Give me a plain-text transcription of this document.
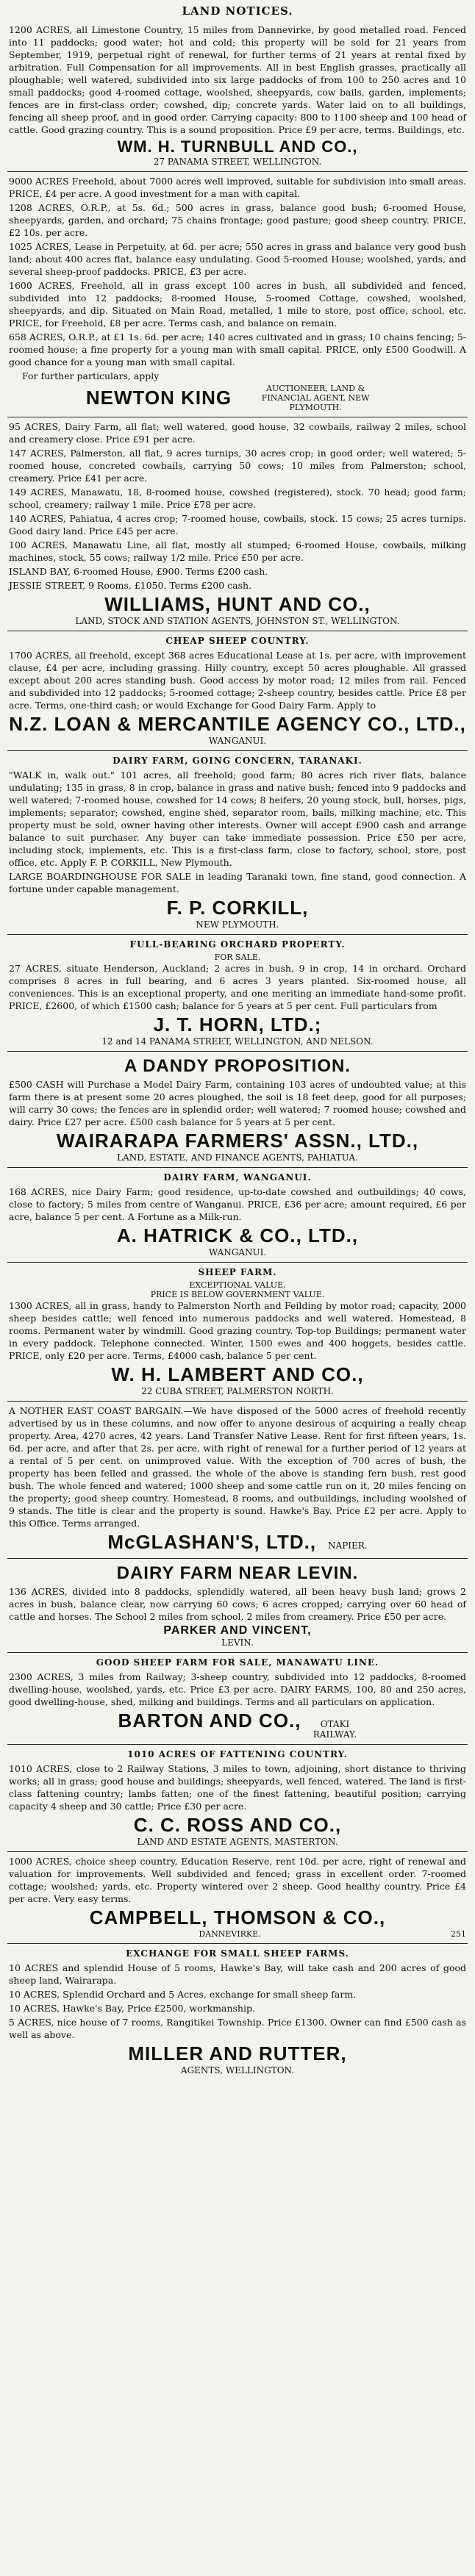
LAND NOTICES.

1200 ACRES, all Limestone Country, 15 miles from Dannevirke, by good metalled road. Fenced into 11 paddocks; good water; hot and cold; this property will be sold for 21 years from September, 1919, perpetual right of renewal, for further terms of 21 years at rental fixed by arbitration. Full Compensation for all improvements. All in best English grasses, practically all ploughable; well watered, subdivided into six large paddocks of from 100 to 250 acres and 10 small paddocks; good 4-roomed cottage, woolshed, sheepyards, cow bails, garden, implements; fences are in first-class order; cowshed, dip; concrete yards. Water laid on to all buildings, fencing all sheep proof, and in good order. Carrying capacity: 800 to 1100 sheep and 100 head of cattle. Good grazing country. This is a sound proposition. Price £9 per acre, terms. Buildings, etc.

WM. H. TURNBULL AND CO.,
27 PANAMA STREET, WELLINGTON.

9000 ACRES Freehold, about 7000 acres well improved, suitable for subdivision into small areas. PRICE, £4 per acre. A good investment for a man with capital.

1208 ACRES, O.R.P., at 5s. 6d.; 500 acres in grass, balance good bush; 6-roomed House, sheepyards, garden, and orchard; 75 chains frontage; good pasture; good sheep country. PRICE, £2 10s. per acre.

1025 ACRES, Lease in Perpetuity, at 6d. per acre; 550 acres in grass and balance very good bush land; about 400 acres flat, balance easy undulating. Good 5-roomed House; woolshed, yards, and several sheep-proof paddocks. PRICE, £3 per acre.

1600 ACRES, Freehold, all in grass except 100 acres in bush, all subdivided and fenced, subdivided into 12 paddocks; 8-roomed House, 5-roomed Cottage, cowshed, woolshed, sheepyards, and dip. Situated on Main Road, metalled, 1 mile to store, post office, school, etc. PRICE, for Freehold, £8 per acre. Terms cash, and balance on remain.

658 ACRES, O.R.P., at £1 1s. 6d. per acre; 140 acres cultivated and in grass; 10 chains fencing; 5-roomed house; a fine property for a young man with small capital. PRICE, only £500 Goodwill. A good chance for a young man with small capital.

For further particulars, apply

NEWTON KING	AUCTIONEER, LAND & FINANCIAL AGENT, NEW PLYMOUTH.

95 ACRES, Dairy Farm, all flat; well watered, good house, 32 cowbails, railway 2 miles, school and creamery close. Price £91 per acre.

147 ACRES, Palmerston, all flat, 9 acres turnips, 30 acres crop; in good order; well watered; 5-roomed house, concreted cowbails, carrying 50 cows; 10 miles from Palmerston; school, creamery. Price £41 per acre.

149 ACRES, Manawatu, 18, 8-roomed house, cowshed (registered), stock. 70 head; good farm; school, creamery; railway 1 mile. Price £78 per acre.

140 ACRES, Pahiatua, 4 acres crop; 7-roomed house, cowbails, stock. 15 cows; 25 acres turnips. Good dairy land. Price £45 per acre.

100 ACRES, Manawatu Line, all flat, mostly all stumped; 6-roomed House, cowbails, milking machines, stock, 55 cows; railway 1/2 mile. Price £50 per acre.

ISLAND BAY, 6-roomed House, £900. Terms £200 cash.

JESSIE STREET, 9 Rooms, £1050. Terms £200 cash.

WILLIAMS, HUNT AND CO.,
LAND, STOCK AND STATION AGENTS, JOHNSTON ST., WELLINGTON.
CHEAP SHEEP COUNTRY.

1700 ACRES, all freehold, except 368 acres Educational Lease at 1s. per acre, with improvement clause, £4 per acre, including grassing. Hilly country, except 50 acres ploughable. All grassed except about 200 acres standing bush. Good access by motor road; 12 miles from rail. Fenced and subdivided into 12 paddocks; 5-roomed cottage; 2-sheep country, besides cattle. Price £8 per acre. Terms, one-third cash; or would Exchange for Good Dairy Farm. Apply to

N.Z. LOAN & MERCANTILE AGENCY CO., LTD.,
WANGANUI.
DAIRY FARM, GOING CONCERN, TARANAKI.

"WALK in, walk out." 101 acres, all freehold; good farm; 80 acres rich river flats, balance undulating; 135 in grass, 8 in crop, balance in grass and native bush; fenced into 9 paddocks and well watered; 7-roomed house, cowshed for 14 cows; 8 heifers, 20 young stock, bull, horses, pigs, implements; separator; cowshed, engine shed, separator room, bails, milking machine, etc. This property must be sold, owner having other interests. Owner will accept £900 cash and arrange balance to suit purchaser. Any buyer can take immediate possession. Price £50 per acre, including stock, implements, etc. This is a first-class farm, close to factory, school, store, post office, etc. Apply F. P. CORKILL, New Plymouth.

LARGE BOARDINGHOUSE FOR SALE in leading Taranaki town, fine stand, good connection. A fortune under capable management.

F. P. CORKILL,
NEW PLYMOUTH.
FULL-BEARING ORCHARD PROPERTY.
FOR SALE.

27 ACRES, situate Henderson, Auckland; 2 acres in bush, 9 in crop, 14 in orchard. Orchard comprises 8 acres in full bearing, and 6 acres 3 years planted. Six-roomed house, all conveniences. This is an exceptional property, and one meriting an immediate hand-some profit. PRICE, £2600, of which £1500 cash; balance for 5 years at 5 per cent. Full particulars from

J. T. HORN, LTD.;
12 and 14 PANAMA STREET, WELLINGTON, AND NELSON.
A DANDY PROPOSITION.

£500 CASH will Purchase a Model Dairy Farm, containing 103 acres of undoubted value; at this farm there is at present some 20 acres ploughed, the soil is 18 feet deep, good for all purposes; will carry 30 cows; the fences are in splendid order; well watered; 7 roomed house; cowshed and dairy. Price £27 per acre. £500 cash balance for 5 years at 5 per cent.

WAIRARAPA FARMERS' ASSN., LTD.,
LAND, ESTATE, AND FINANCE AGENTS, PAHIATUA.
DAIRY FARM, WANGANUI.

168 ACRES, nice Dairy Farm; good residence, up-to-date cowshed and outbuildings; 40 cows, close to factory; 5 miles from centre of Wanganui. PRICE, £36 per acre; amount required, £6 per acre, balance 5 per cent. A Fortune as a Milk-run.

A. HATRICK & CO., LTD.,
WANGANUI.
SHEEP FARM.
EXCEPTIONAL VALUE.
PRICE IS BELOW GOVERNMENT VALUE.

1300 ACRES, all in grass, handy to Palmerston North and Feilding by motor road; capacity, 2000 sheep besides cattle; well fenced into numerous paddocks and well watered. Homestead, 8 rooms. Permanent water by windmill. Good grazing country. Top-top Buildings; permanent water in every paddock. Telephone connected. Winter, 1500 ewes and 400 hoggets, besides cattle. PRICE, only £20 per acre. Terms, £4000 cash, balance 5 per cent.

W. H. LAMBERT AND CO.,
22 CUBA STREET, PALMERSTON NORTH.

A NOTHER EAST COAST BARGAIN.—We have disposed of the 5000 acres of freehold recently advertised by us in these columns, and now offer to anyone desirous of acquiring a really cheap property. Area, 4270 acres, 42 years. Land Transfer Native Lease. Rent for first fifteen years, 1s. 6d. per acre, and after that 2s. per acre, with right of renewal for a further period of 12 years at a rental of 5 per cent. on unimproved value. With the exception of 700 acres of bush, the property has been felled and grassed, the whole of the above is standing fern bush, rest good bush. The whole fenced and watered; 1000 sheep and some cattle run on it, 20 miles fencing on the property; good sheep country. Homestead, 8 rooms, and outbuildings, including woolshed of 9 stands. The title is clear and the property is sound. Hawke's Bay. Price £2 per acre. Apply to this Office. Terms arranged.

McGLASHAN'S, LTD., NAPIER.
DAIRY FARM NEAR LEVIN.

136 ACRES, divided into 8 paddocks, splendidly watered, all been heavy bush land; grows 2 acres in bush, balance clear, now carrying 60 cows; 6 acres cropped; carrying over 60 head of cattle and horses. The School 2 miles from school, 2 miles from creamery. Price £50 per acre.

PARKER AND VINCENT,
LEVIN.
GOOD SHEEP FARM FOR SALE, MANAWATU LINE.

2300 ACRES, 3 miles from Railway; 3-sheep country, subdivided into 12 paddocks, 8-roomed dwelling-house, woolshed, yards, etc. Price £3 per acre. DAIRY FARMS, 100, 80 and 250 acres, good dwelling-house, shed, milking and buildings. Terms and all particulars on application.

BARTON AND CO.,	OTAKI RAILWAY.
1010 ACRES OF FATTENING COUNTRY.

1010 ACRES, close to 2 Railway Stations, 3 miles to town, adjoining, short distance to thriving works; all in grass; good house and buildings; sheepyards, well fenced, watered. The land is first-class fattening country; lambs fatten; one of the finest fattening, beautiful position; carrying capacity 4 sheep and 30 cattle; Price £30 per acre.

C. C. ROSS AND CO.,
LAND AND ESTATE AGENTS, MASTERTON.

1000 ACRES, choice sheep country, Education Reserve, rent 10d. per acre, right of renewal and valuation for improvements. Well subdivided and fenced; grass in excellent order. 7-roomed cottage; woolshed; yards, etc. Property wintered over 2 sheep. Good healthy country. Price £4 per acre. Very easy terms.

CAMPBELL, THOMSON & CO.,
DANNEVIRKE.	251
EXCHANGE FOR SMALL SHEEP FARMS.

10 ACRES and splendid House of 5 rooms, Hawke's Bay, will take cash and 200 acres of good sheep land, Wairarapa.

10 ACRES, Splendid Orchard and 5 Acres, exchange for small sheep farm.

10 ACRES, Hawke's Bay, Price £2500, workmanship.

5 ACRES, nice house of 7 rooms, Rangitikei Township. Price £1300. Owner can find £500 cash as well as above.

MILLER AND RUTTER,
AGENTS, WELLINGTON.
